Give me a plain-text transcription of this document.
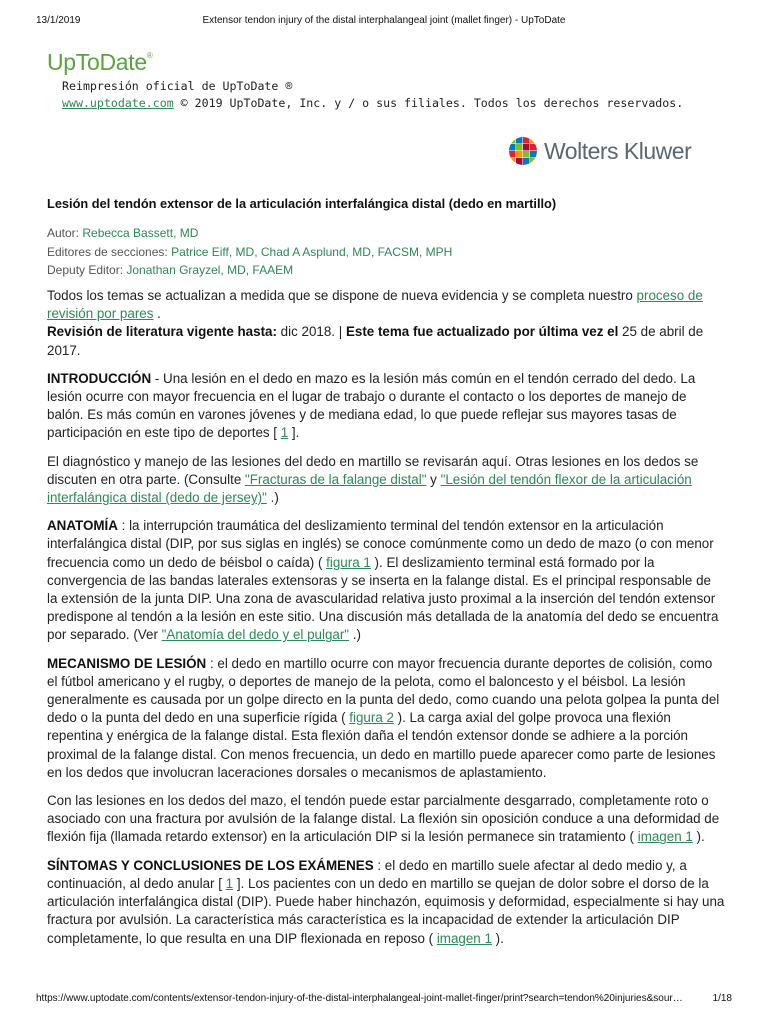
13/1/2019	Extensor tendon injury of the distal interphalangeal joint (mallet finger) - UpToDate
UpToDate®
Reimpresión oficial de UpToDate ®
www.uptodate.com © 2019 UpToDate, Inc. y / o sus filiales. Todos los derechos reservados.
Wolters Kluwer
Lesión del tendón extensor de la articulación interfalángica distal (dedo en martillo)
Autor: Rebecca Bassett, MD
Editores de secciones: Patrice Eiff, MD, Chad A Asplund, MD, FACSM, MPH
Deputy Editor: Jonathan Grayzel, MD, FAAEM

Todos los temas se actualizan a medida que se dispone de nueva evidencia y se completa nuestro proceso de revisión por pares .
Revisión de literatura vigente hasta: dic 2018. | Este tema fue actualizado por última vez el 25 de abril de 2017.

INTRODUCCIÓN - Una lesión en el dedo en mazo es la lesión más común en el tendón cerrado del dedo. La lesión ocurre con mayor frecuencia en el lugar de trabajo o durante el contacto o los deportes de manejo de balón. Es más común en varones jóvenes y de mediana edad, lo que puede reflejar sus mayores tasas de participación en este tipo de deportes [ 1 ].

El diagnóstico y manejo de las lesiones del dedo en martillo se revisarán aquí. Otras lesiones en los dedos se discuten en otra parte. (Consulte "Fracturas de la falange distal" y "Lesión del tendón flexor de la articulación interfalángica distal (dedo de jersey)" .)

ANATOMÍA : la interrupción traumática del deslizamiento terminal del tendón extensor en la articulación interfalángica distal (DIP, por sus siglas en inglés) se conoce comúnmente como un dedo de mazo (o con menor frecuencia como un dedo de béisbol o caída) ( figura 1 ). El deslizamiento terminal está formado por la convergencia de las bandas laterales extensoras y se inserta en la falange distal. Es el principal responsable de la extensión de la junta DIP. Una zona de avascularidad relativa justo proximal a la inserción del tendón extensor predispone al tendón a la lesión en este sitio. Una discusión más detallada de la anatomía del dedo se encuentra por separado. (Ver "Anatomía del dedo y el pulgar" .)

MECANISMO DE LESIÓN : el dedo en martillo ocurre con mayor frecuencia durante deportes de colisión, como el fútbol americano y el rugby, o deportes de manejo de la pelota, como el baloncesto y el béisbol. La lesión generalmente es causada por un golpe directo en la punta del dedo, como cuando una pelota golpea la punta del dedo o la punta del dedo en una superficie rígida ( figura 2 ). La carga axial del golpe provoca una flexión repentina y enérgica de la falange distal. Esta flexión daña el tendón extensor donde se adhiere a la porción proximal de la falange distal. Con menos frecuencia, un dedo en martillo puede aparecer como parte de lesiones en los dedos que involucran laceraciones dorsales o mecanismos de aplastamiento.

Con las lesiones en los dedos del mazo, el tendón puede estar parcialmente desgarrado, completamente roto o asociado con una fractura por avulsión de la falange distal. La flexión sin oposición conduce a una deformidad de flexión fija (llamada retardo extensor) en la articulación DIP si la lesión permanece sin tratamiento ( imagen 1 ).

SÍNTOMAS Y CONCLUSIONES DE LOS EXÁMENES : el dedo en martillo suele afectar al dedo medio y, a continuación, al dedo anular [ 1 ]. Los pacientes con un dedo en martillo se quejan de dolor sobre el dorso de la articulación interfalángica distal (DIP). Puede haber hinchazón, equimosis y deformidad, especialmente si hay una fractura por avulsión. La característica más característica es la incapacidad de extender la articulación DIP completamente, lo que resulta en una DIP flexionada en reposo ( imagen 1 ).

https://www.uptodate.com/contents/extensor-tendon-injury-of-the-distal-interphalangeal-joint-mallet-finger/print?search=tendon%20injuries&sour…	1/18
